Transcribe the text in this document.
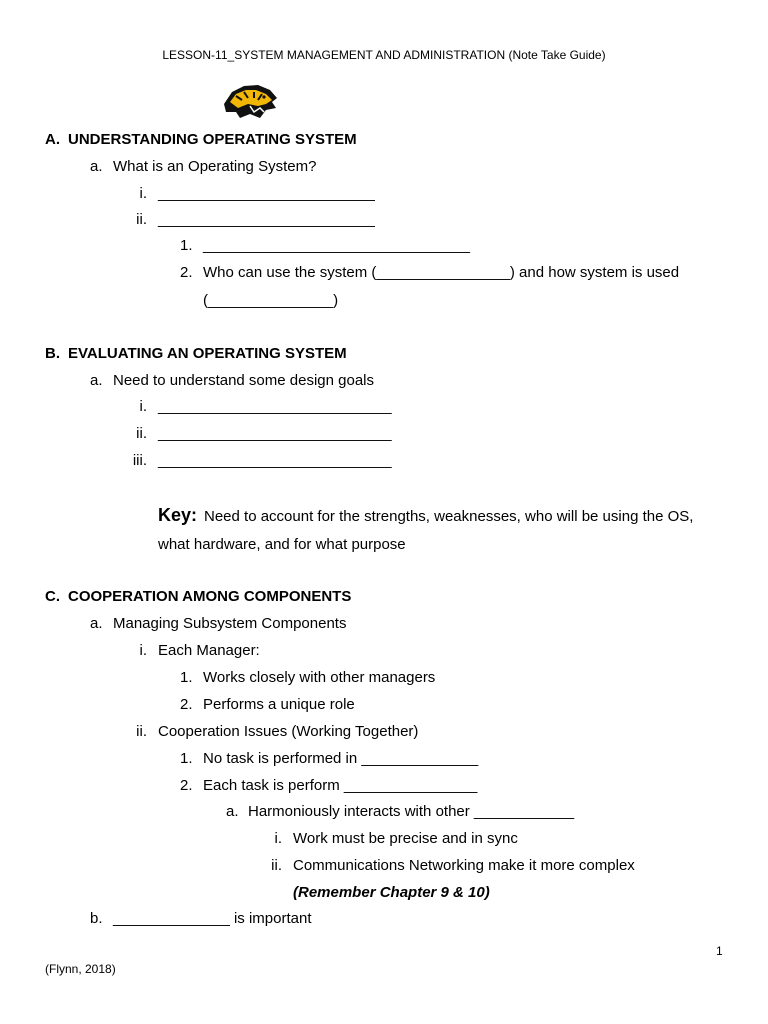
LESSON-11_SYSTEM MANAGEMENT AND ADMINISTRATION (Note Take Guide)
A. UNDERSTANDING OPERATING SYSTEM
a. What is an Operating System?
i. __________________________
ii. __________________________
1. ________________________________
2. Who can use the system (________________) and how system is used
(_______________)
B. EVALUATING AN OPERATING SYSTEM
a. Need to understand some design goals
i. ____________________________
ii. ____________________________
iii. ____________________________
Key: Need to account for the strengths, weaknesses, who will be using the OS,
what hardware, and for what purpose
C. COOPERATION AMONG COMPONENTS
a. Managing Subsystem Components
i. Each Manager:
1. Works closely with other managers
2. Performs a unique role
ii. Cooperation Issues (Working Together)
1. No task is performed in ______________
2. Each task is perform ________________
a. Harmoniously interacts with other ____________
i. Work must be precise and in sync
ii. Communications Networking make it more complex
(Remember Chapter 9 & 10)
b. ______________ is important
1
(Flynn, 2018)
